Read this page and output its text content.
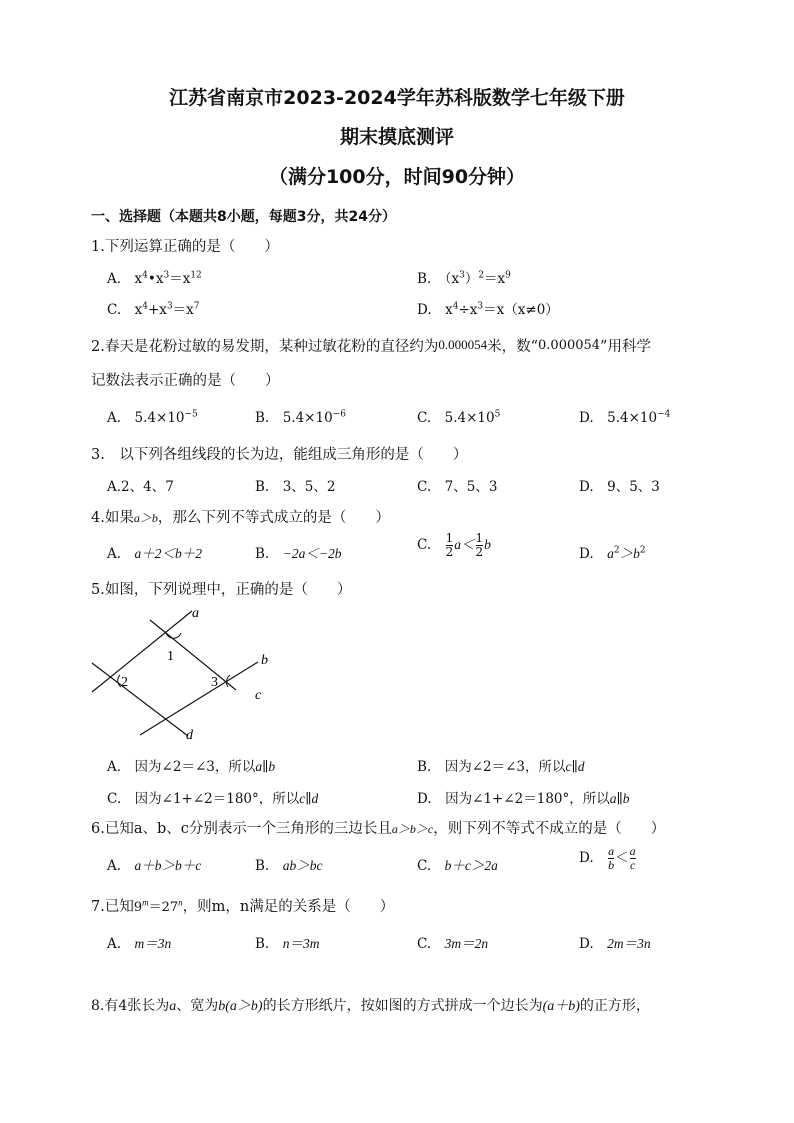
江苏省南京市2023-2024学年苏科版数学七年级下册
期末摸底测评
（满分100分，时间90分钟）
一、选择题（本题共8小题，每题3分，共24分）
1.下列运算正确的是（　　）
A.　$x^4•x^3=x^{12}$	B.　$(x^3)^2=x^9$
C.　$x^4+x^3=x^7$	D.　$x^4\div x^3=x(x\ne 0)$
2.春天是花粉过敏的易发期，某种过敏花粉的直径约为0.000054米，数“0.000054”用科学
记数法表示正确的是（　　）
A.　$5.4\times 10^{-5}$	B.　$5.4\times 10^{-6}$	C.　$5.4\times 10^5$	D.　$5.4\times 10^{-4}$
3.　以下列各组线段的长为边，能组成三角形的是（　　）
A.2、4、7	B.　3、5、2	C.　7、5、3	D.　9、5、3
4.如果a＞b，那么下列不等式成立的是（　　）
A.　a＋2＜b＋2	B.　−2a＜−2b
C.　 $\frac{1}{2} a< \frac{1}{2}$ b
D.　$a^2>b^2$
5.如图，下列说理中，正确的是（　　）
a
b
c
d
1
2	3
A.　因为∠2＝∠3，所以a∥b	B.　因为∠2＝∠3，所以c∥d
C.　因为∠1+∠2＝180°，所以c∥d	D.　因为∠1+∠2＝180°，所以a∥b
6.已知a、b、c分别表示一个三角形的三边长且a＞b＞c，则下列不等式不成立的是（　　）
A.　a＋b＞b＋c	B.　ab＞bc	C.　b＋c＞2a	D.　 $\frac{a}{b} < \frac{a}{c}$
7.已知$9^m=27^n$，则m，n满足的关系是（　　）
A.　m＝3n	B.　n＝3m	C.　3m＝2n	D.　2m＝3n
8.有4张长为a、宽为b(a＞b)的长方形纸片，按如图的方式拼成一个边长为(a＋b)的正方形，
